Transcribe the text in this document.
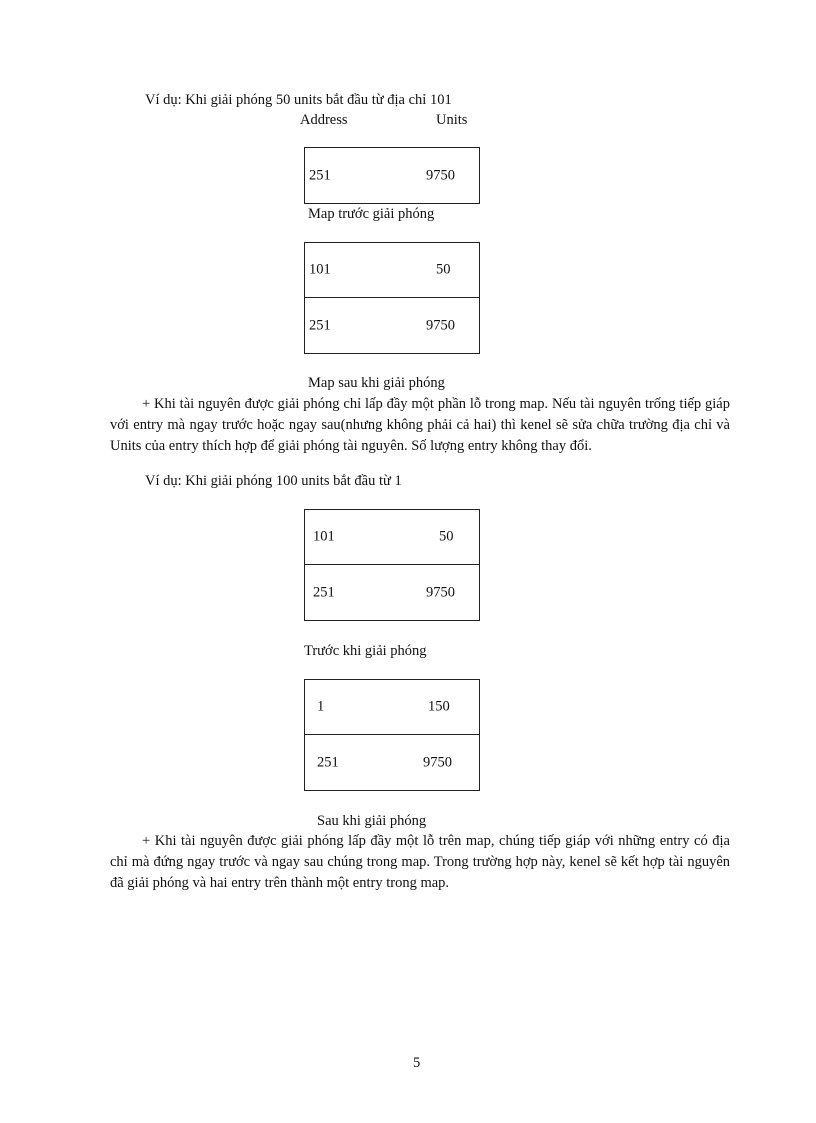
Ví dụ: Khi giải phóng 50 units bắt đầu từ địa chỉ 101
Address	Units
251	9750
Map trước giải phóng
101	50
251	9750
Map sau khi giải phóng
+ Khi tài nguyên được giải phóng chỉ lấp đầy một phần lỗ trong map. Nếu tài nguyên trống tiếp giáp với entry mà ngay trước hoặc ngay sau(nhưng không phải cả hai) thì kenel sẽ sửa chữa trường địa chỉ và Units của entry thích hợp để giải phóng tài nguyên. Số lượng entry không thay đổi.
Ví dụ: Khi giải phóng 100 units bắt đầu từ 1
101	50
251	9750
Trước khi giải phóng
1	150
251	9750
Sau khi giải phóng
+ Khi tài nguyên được giải phóng lấp đầy một lỗ trên map, chúng tiếp giáp với những entry có địa chỉ mà đứng ngay trước và ngay sau chúng trong map. Trong trường hợp này, kenel sẽ kết hợp tài nguyên đã giải phóng và hai entry trên thành một entry trong map.
5
